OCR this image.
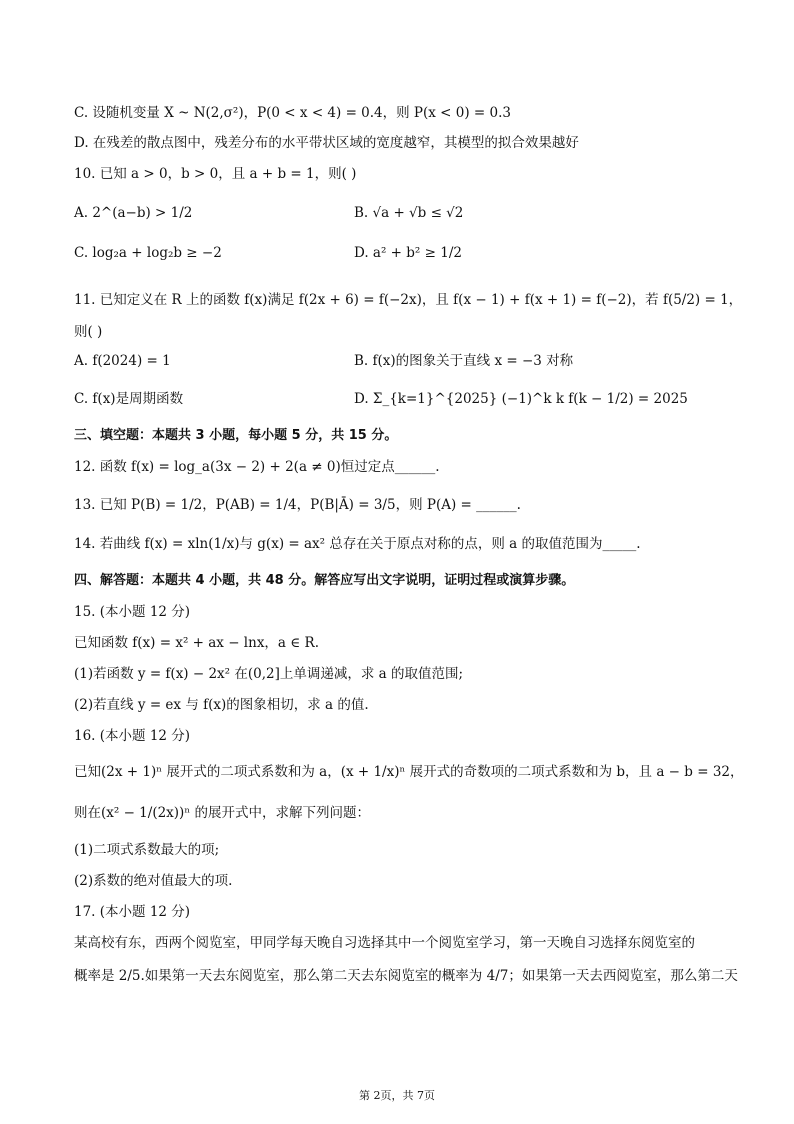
C. 设随机变量 X ~ N(2,σ²)，P(0 < x < 4) = 0.4，则 P(x < 0) = 0.3
D. 在残差的散点图中，残差分布的水平带状区域的宽度越窄，其模型的拟合效果越好
10. 已知 a > 0，b > 0，且 a + b = 1，则( )
A. 2^(a−b) > 1/2	B. √a + √b ≤ √2
C. log₂a + log₂b ≥ −2	D. a² + b² ≥ 1/2
11. 已知定义在 R 上的函数 f(x)满足 f(2x + 6) = f(−2x)，且 f(x − 1) + f(x + 1) = f(−2)，若 f(5/2) = 1，
则( )
A. f(2024) = 1	B. f(x)的图象关于直线 x = −3 对称
C. f(x)是周期函数	D. Σ_{k=1}^{2025} (−1)^k k f(k − 1/2) = 2025
三、填空题：本题共 3 小题，每小题 5 分，共 15 分。
12. 函数 f(x) = log_a(3x − 2) + 2(a ≠ 0)恒过定点______.
13. 已知 P(B) = 1/2，P(AB) = 1/4，P(B|Ā) = 3/5，则 P(A) = ______.
14. 若曲线 f(x) = xln(1/x)与 g(x) = ax² 总存在关于原点对称的点，则 a 的取值范围为_____.
四、解答题：本题共 4 小题，共 48 分。解答应写出文字说明，证明过程或演算步骤。
15. (本小题 12 分)
已知函数 f(x) = x² + ax − lnx，a ∈ R.
(1)若函数 y = f(x) − 2x² 在(0,2]上单调递减，求 a 的取值范围;
(2)若直线 y = ex 与 f(x)的图象相切，求 a 的值.
16. (本小题 12 分)
已知(2x + 1)ⁿ 展开式的二项式系数和为 a，(x + 1/x)ⁿ 展开式的奇数项的二项式系数和为 b，且 a − b = 32，
则在(x² − 1/(2x))ⁿ 的展开式中，求解下列问题：
(1)二项式系数最大的项;
(2)系数的绝对值最大的项.
17. (本小题 12 分)
某高校有东，西两个阅览室，甲同学每天晚自习选择其中一个阅览室学习，第一天晚自习选择东阅览室的
概率是 2/5.如果第一天去东阅览室，那么第二天去东阅览室的概率为 4/7；如果第一天去西阅览室，那么第二天
第 2页，共 7页
